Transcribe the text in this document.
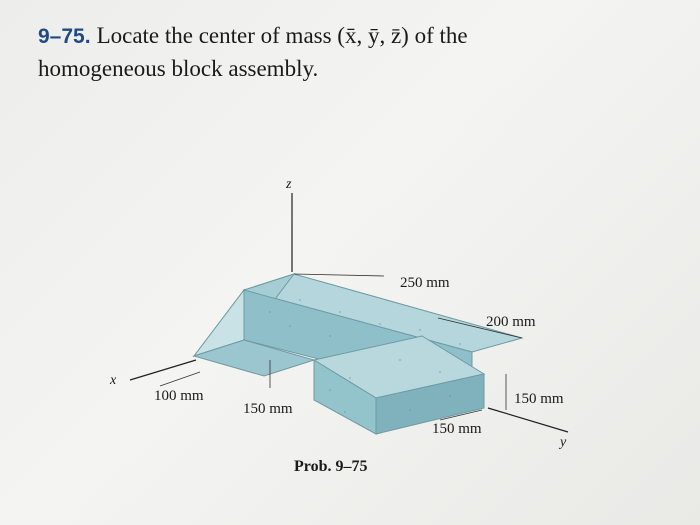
9–75. Locate the center of mass (x̄, ȳ, z̄) of the
homogeneous block assembly.
z
x
y
250 mm
200 mm
100 mm
150 mm
150 mm
150 mm
Prob. 9–75
